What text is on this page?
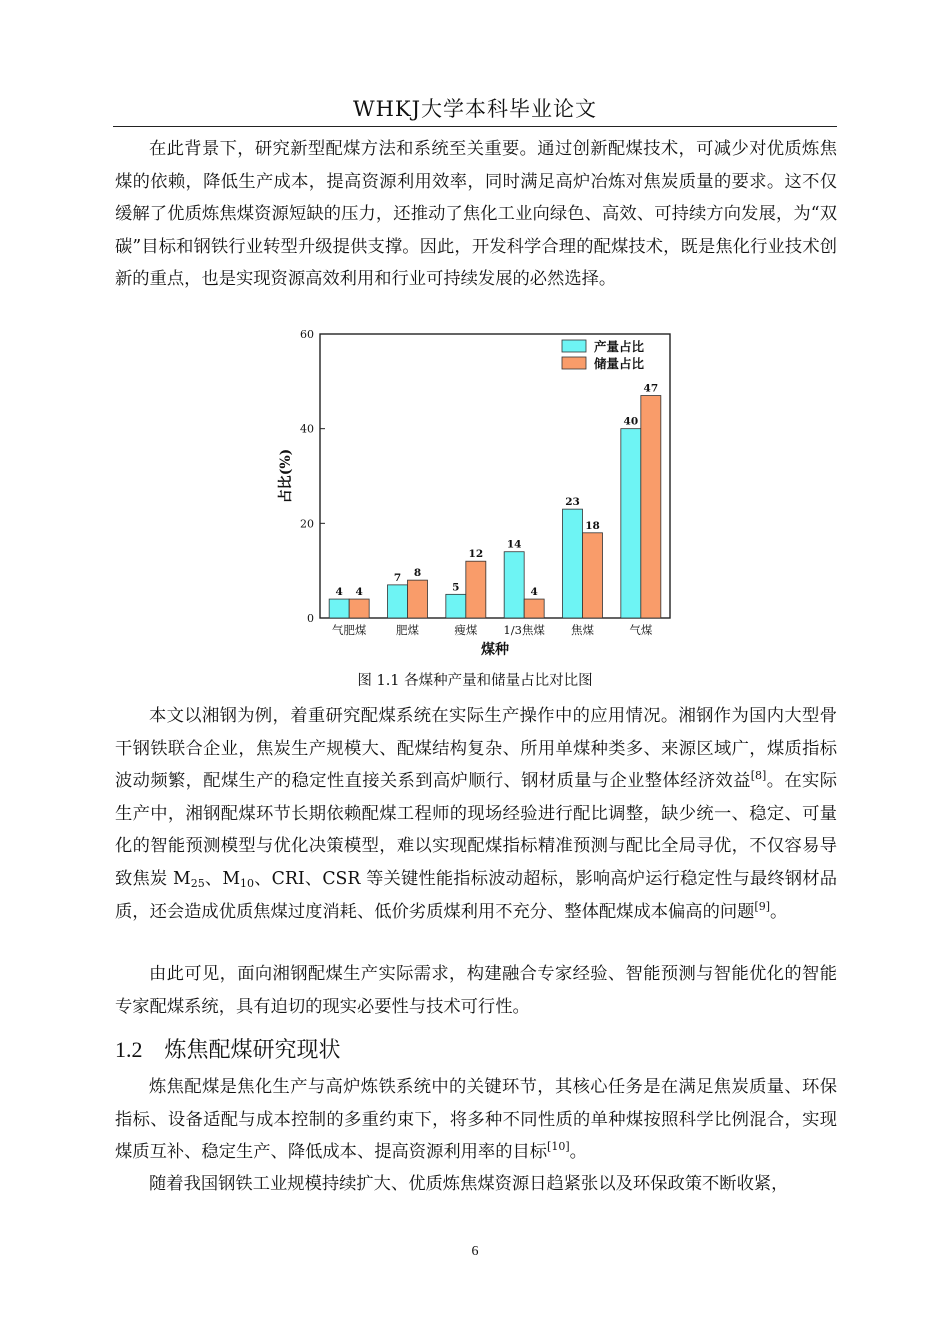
WHKJ大学本科毕业论文

在此背景下，研究新型配煤方法和系统至关重要。通过创新配煤技术，可减少对优质炼焦煤的依赖，降低生产成本，提高资源利用效率，同时满足高炉冶炼对焦炭质量的要求。这不仅缓解了优质炼焦煤资源短缺的压力，还推动了焦化工业向绿色、高效、可持续方向发展，为“双碳”目标和钢铁行业转型升级提供支撑。因此，开发科学合理的配煤技术，既是焦化行业技术创新的重点，也是实现资源高效利用和行业可持续发展的必然选择。

0
20
40
60
气肥煤
4 4
肥煤
7 8
瘦煤
5
12
1/3焦煤
14
4
焦煤
23
18
气煤
40
47
煤种
占比(%)
产量占比
储量占比
图 1.1 各煤种产量和储量占比对比图

本文以湘钢为例，着重研究配煤系统在实际生产操作中的应用情况。湘钢作为国内大型骨干钢铁联合企业，焦炭生产规模大、配煤结构复杂、所用单煤种类多、来源区域广，煤质指标波动频繁，配煤生产的稳定性直接关系到高炉顺行、钢材质量与企业整体经济效益[8]。在实际生产中，湘钢配煤环节长期依赖配煤工程师的现场经验进行配比调整，缺少统一、稳定、可量化的智能预测模型与优化决策模型，难以实现配煤指标精准预测与配比全局寻优，不仅容易导致焦炭 $M_{25}$、$M_{10}$、CRI、CSR 等关键性能指标波动超标，影响高炉运行稳定性与最终钢材品质，还会造成优质焦煤过度消耗、低价劣质煤利用不充分、整体配煤成本偏高的问题[9]。

由此可见，面向湘钢配煤生产实际需求，构建融合专家经验、智能预测与智能优化的智能专家配煤系统，具有迫切的现实必要性与技术可行性。

1.2 炼焦配煤研究现状

炼焦配煤是焦化生产与高炉炼铁系统中的关键环节，其核心任务是在满足焦炭质量、环保指标、设备适配与成本控制的多重约束下，将多种不同性质的单种煤按照科学比例混合，实现煤质互补、稳定生产、降低成本、提高资源利用率的目标[10]。

随着我国钢铁工业规模持续扩大、优质炼焦煤资源日趋紧张以及环保政策不断收紧，

6
